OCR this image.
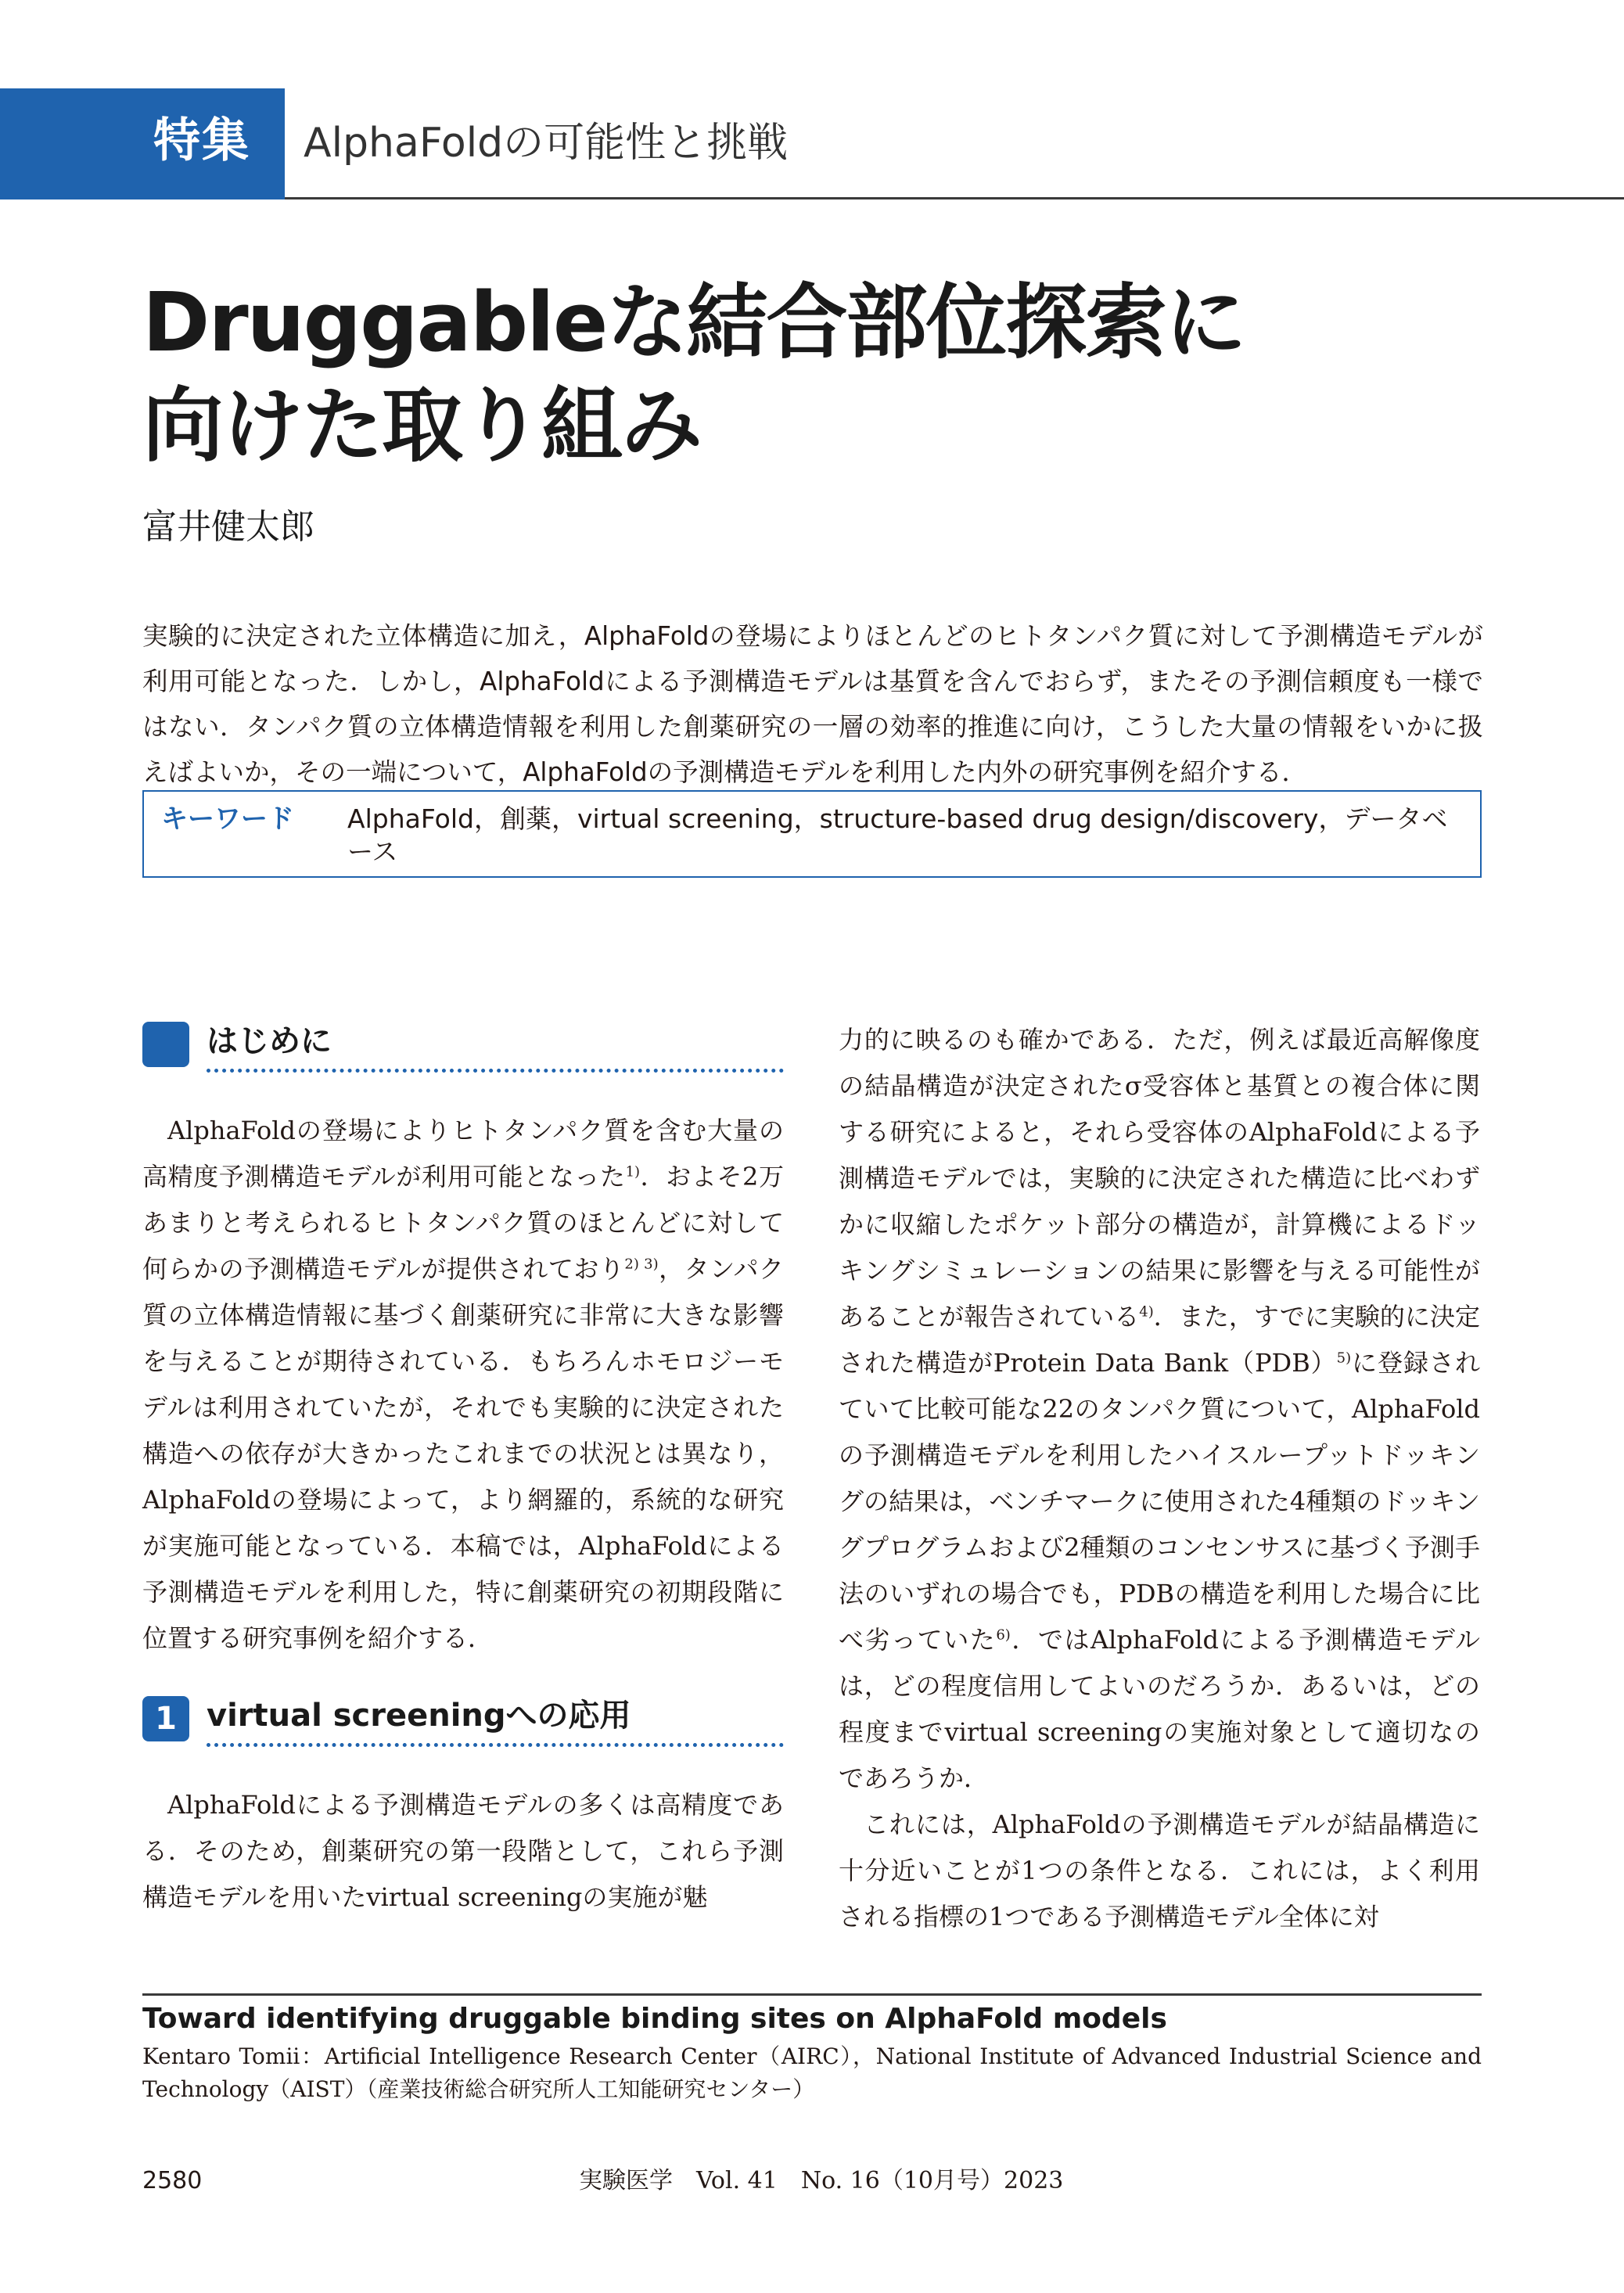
特集 AlphaFoldの可能性と挑戦
Druggableな結合部位探索に
向けた取り組み
富井健太郎
実験的に決定された立体構造に加え，AlphaFoldの登場によりほとんどのヒトタンパク質に対して予測構造モデルが利用可能となった．しかし，AlphaFoldによる予測構造モデルは基質を含んでおらず，またその予測信頼度も一様ではない．タンパク質の立体構造情報を利用した創薬研究の一層の効率的推進に向け，こうした大量の情報をいかに扱えばよいか，その一端について，AlphaFoldの予測構造モデルを利用した内外の研究事例を紹介する．
キーワード AlphaFold，創薬，virtual screening，structure-based drug design/discovery，データベース
はじめに

AlphaFoldの登場によりヒトタンパク質を含む大量の高精度予測構造モデルが利用可能となった$^{1)}$．およそ2万あまりと考えられるヒトタンパク質のほとんどに対して何らかの予測構造モデルが提供されており$^{2) 3)}$，タンパク質の立体構造情報に基づく創薬研究に非常に大きな影響を与えることが期待されている．もちろんホモロジーモデルは利用されていたが，それでも実験的に決定された構造への依存が大きかったこれまでの状況とは異なり，AlphaFoldの登場によって，より網羅的，系統的な研究が実施可能となっている．本稿では，AlphaFoldによる予測構造モデルを利用した，特に創薬研究の初期段階に位置する研究事例を紹介する．

1 virtual screeningへの応用

AlphaFoldによる予測構造モデルの多くは高精度である．そのため，創薬研究の第一段階として，これら予測構造モデルを用いたvirtual screeningの実施が魅

力的に映るのも確かである．ただ，例えば最近高解像度の結晶構造が決定されたσ受容体と基質との複合体に関する研究によると，それら受容体のAlphaFoldによる予測構造モデルでは，実験的に決定された構造に比べわずかに収縮したポケット部分の構造が，計算機によるドッキングシミュレーションの結果に影響を与える可能性があることが報告されている$^{4)}$．また，すでに実験的に決定された構造がProtein Data Bank（PDB）$^{5)}$に登録されていて比較可能な22のタンパク質について，AlphaFoldの予測構造モデルを利用したハイスループットドッキングの結果は，ベンチマークに使用された4種類のドッキングプログラムおよび2種類のコンセンサスに基づく予測手法のいずれの場合でも，PDBの構造を利用した場合に比べ劣っていた$^{6)}$．ではAlphaFoldによる予測構造モデルは，どの程度信用してよいのだろうか．あるいは，どの程度までvirtual screeningの実施対象として適切なのであろうか．

これには，AlphaFoldの予測構造モデルが結晶構造に十分近いことが1つの条件となる．これには，よく利用される指標の1つである予測構造モデル全体に対

Toward identifying druggable binding sites on AlphaFold models
Kentaro Tomii：Artificial Intelligence Research Center（AIRC），National Institute of Advanced Industrial Science and Technology（AIST）（産業技術総合研究所人工知能研究センター）
2580	実験医学　Vol. 41　No. 16（10月号）2023
